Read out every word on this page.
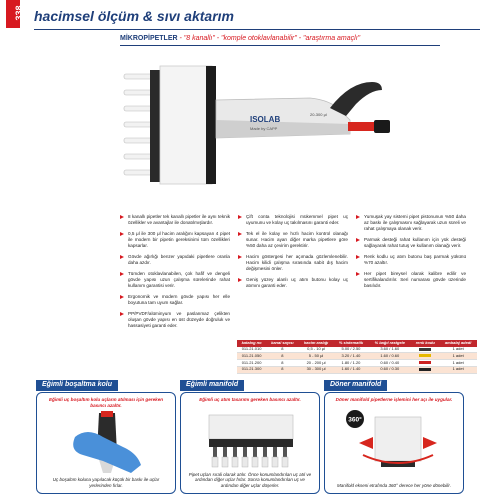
338 hacimsel ölçüm & sıvı aktarım
MİKROPİPETLER - "8 kanallı" - "komple otoklavlanabilir" - "araştırma amaçlı"
ISOLAB
Made by CAPP
20-300 μl

8 kanallı pipetler tek kanallı pipetler ile aynı teknik özellikler ve avantajlar ile donatılmışlardır.

0,5 μl ile 300 μl hacim aralığını kapsayan 4 pipet ile modern bir pipetin gereksinimi tüm özellikleri kapsarlar.

Gövde ağırlığı benzer yapıdaki pipetlere oranla daha azdır.

Tümden otoklavlanabilen, çok hafif ve dengeli gövde yapısı uzun çalışma sürelerinde rahat kullanım garantisi verir.

Ergonomik ve modern gövde yapısı her elle boyutuna tam uyum sağlar.

PP/PVDF/alüminyum ve paslanmaz çelikten oluşan gövde yapısı en üst düzeyde doğruluk ve hassasiyeti garanti eder.

Çift conta teknolojisi mükemmel pipet uç uyumunu ve kolay uç takılmasını garanti eder.

Tek el ile kolay ve hızlı hacim kontrol olanağı sunar. Hacim ayarı diğer marka pipetlere göre %50 daha az çevirim gerektirir.

Hacim göstergesi her açımada gözlemlenebilir. Hacim kilidi çalışma sırasında sabit dış hacim değişmesini önler.

Geniş yüzey alanlı uç atım butonu kolay uç atımını garanti eder.

Yumuşak yay sistemi pipet pistonunun %50 daha az baskı ile çalışmasını sağlayarak uzun süreli ve rahat çalışmaya olanak verir.

Parmak desteği rahat kullanım için yük desteği sağlayarak rahat tutuş ve kullanım olanağı verir.

Renk kodlu uç atım butonu baş parmak yükünü %70 azaltır.

Her pipet bireysel olarak kalibre edilir ve sertifikalandırılır. Seri numarası gövde üzerinde basılıdır.

katalog no	kanal sayısı	hacim aralığı	% sistematik	% bağıl rastgele	renk kodu	ambalaj adedi
011.21.010	8	0,5 - 10 μl	5.00 / 2.50	3.60 / 1.60		1 adet
011.21.050	8	5 - 50 μl	3.20 / 1.40	1.60 / 0.60		1 adet
011.21.200	8	20 - 200 μl	1.80 / 1.20	0.60 / 0.40		1 adet
011.21.300	8	30 - 300 μl	1.60 / 1.40	0.60 / 0.30		1 adet
Eğimli boşaltma kolu
Eğimli uç boşaltım kolu uçların atılması için gereken basıncı azaltır.
Uç boşaltım koluna yapılacak küçük bir baskı ile uçlar yerlerinden fırlar.
Eğimli manifold
Eğimli uç atım tasarımı gereken basıncı azaltır.
Pipet uçları sırali olarak atılır. Önce konumlandırılan uç atıl ve ardından diğer uçlar fırlar. Sonra konumlandırılan uç ve ardından diğer uçlar düşerler.
Döner manifold
Döner manifold pipetlerne işlemini her açı ile uygular.
360°
Manifold ekseni etrafında 360° derece her yöne dönebilir.
